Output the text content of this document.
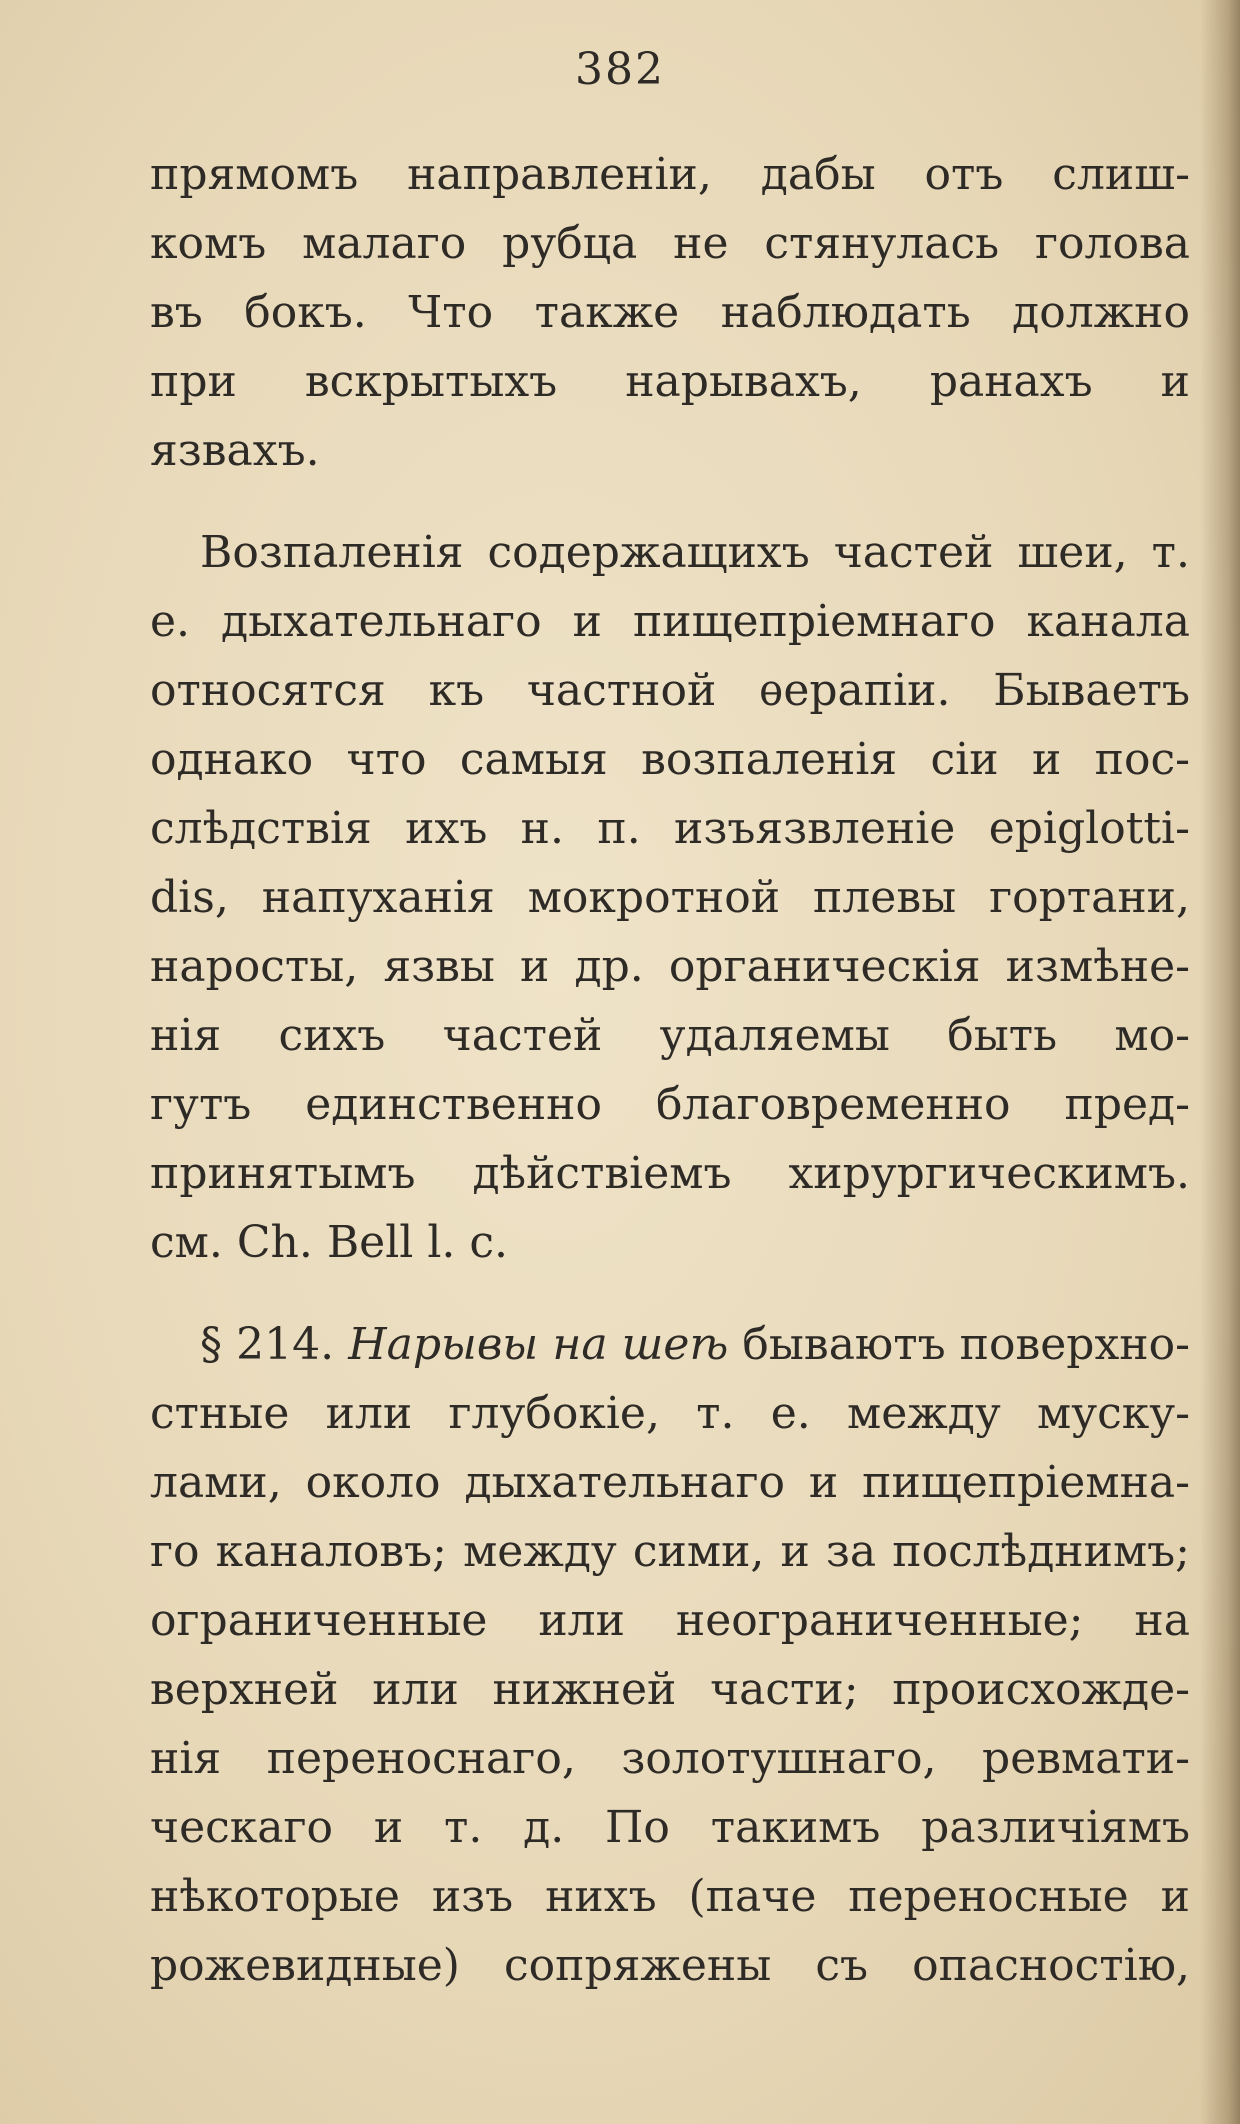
382
прямомъ направленіи, дабы отъ слиш-
комъ малаго рубца не стянулась голова
въ бокъ. Что также наблюдать должно
при вскрытыхъ нарывахъ, ранахъ и
язвахъ.
Возпаленія содержащихъ частей шеи, т.
е. дыхательнаго и пищепріемнаго канала
относятся къ частной ѳерапіи. Бываетъ
однако что самыя возпаленія сіи и пос-
слѣдствія ихъ н. п. изъязвленіе epiglotti-
dis, напуханія мокротной плевы гортани,
наросты, язвы и др. органическія измѣне-
нія сихъ частей удаляемы быть мо-
гутъ единственно благовременно пред-
принятымъ дѣйствіемъ хирургическимъ.
см. Ch. Bell l. c.
§ 214. Нарывы на шеѣ бываютъ поверхно-
стные или глубокіе, т. е. между муску-
лами, около дыхательнаго и пищепріемна-
го каналовъ; между сими, и за послѣднимъ;
ограниченные или неограниченные; на
верхней или нижней части; происхожде-
нія переноснаго, золотушнаго, ревмати-
ческаго и т. д. По такимъ различіямъ
нѣкоторые изъ нихъ (паче переносные и
рожевидные) сопряжены съ опасностію,
